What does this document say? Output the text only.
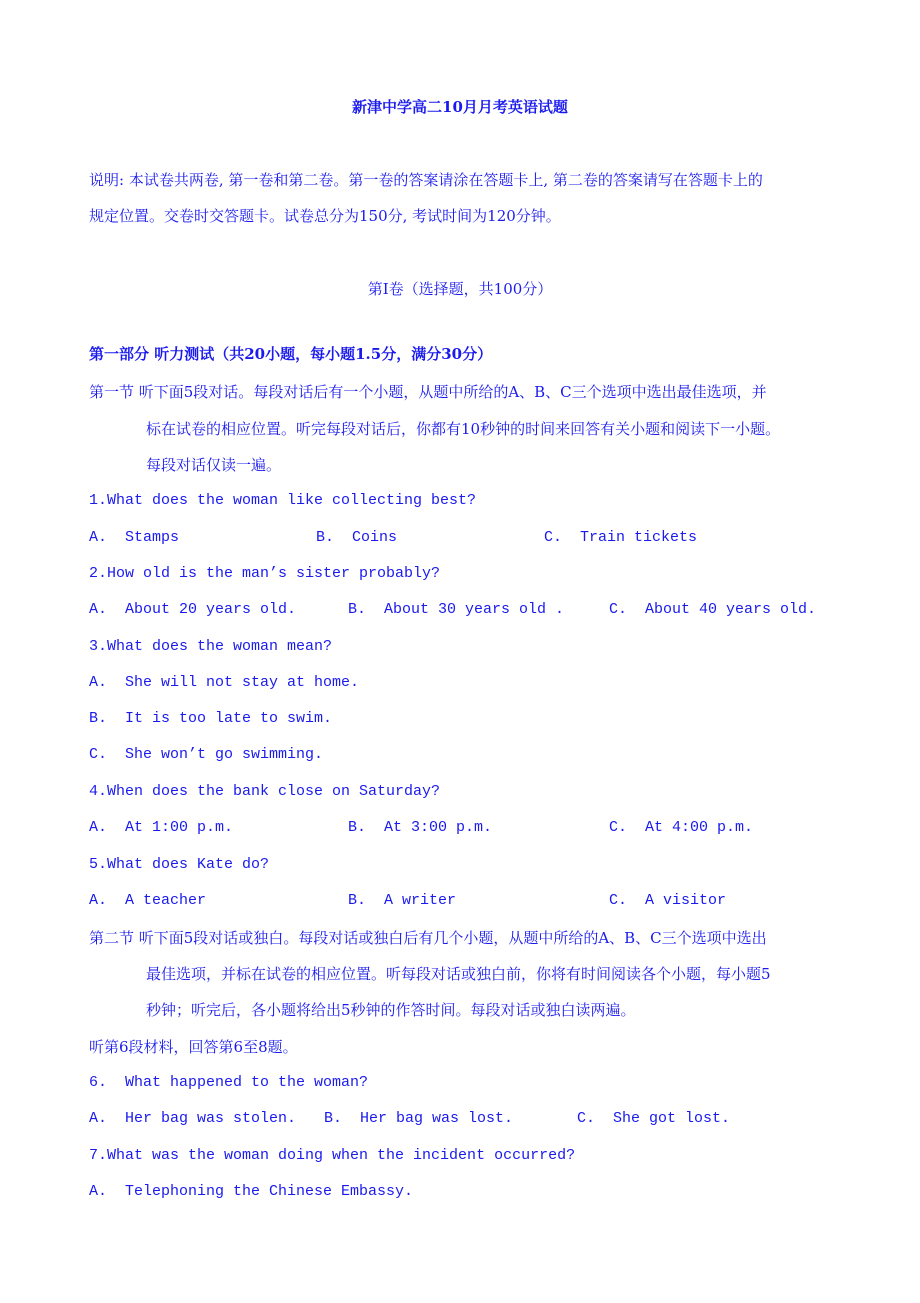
新津中学高二10月月考英语试题
说明: 本试卷共两卷, 第一卷和第二卷。第一卷的答案请涂在答题卡上, 第二卷的答案请写在答题卡上的
规定位置。交卷时交答题卡。试卷总分为150分, 考试时间为120分钟。
第Ⅰ卷（选择题，共100分）
第一部分 听力测试（共20小题，每小题1.5分，满分30分）
第一节 听下面5段对话。每段对话后有一个小题，从题中所给的A、B、C三个选项中选出最佳选项，并
标在试卷的相应位置。听完每段对话后，你都有10秒钟的时间来回答有关小题和阅读下一小题。
每段对话仅读一遍。
1.What does the woman like collecting best?
A.  Stamps	B.  Coins	C.  Train tickets
2.How old is the man’s sister probably?
A.  About 20 years old.	B.  About 30 years old .	C.  About 40 years old.
3.What does the woman mean?
A.  She will not stay at home.
B.  It is too late to swim.
C.  She won’t go swimming.
4.When does the bank close on Saturday?
A.  At 1:00 p.m.	B.  At 3:00 p.m.	C.  At 4:00 p.m.
5.What does Kate do?
A.  A teacher	B.  A writer	C.  A visitor
第二节 听下面5段对话或独白。每段对话或独白后有几个小题，从题中所给的A、B、C三个选项中选出
最佳选项，并标在试卷的相应位置。听每段对话或独白前，你将有时间阅读各个小题，每小题5
秒钟；听完后，各小题将给出5秒钟的作答时间。每段对话或独白读两遍。
听第6段材料，回答第6至8题。
6.  What happened to the woman?
A.  Her bag was stolen. B.  Her bag was lost.	C.  She got lost.
7.What was the woman doing when the incident occurred?
A.  Telephoning the Chinese Embassy.
